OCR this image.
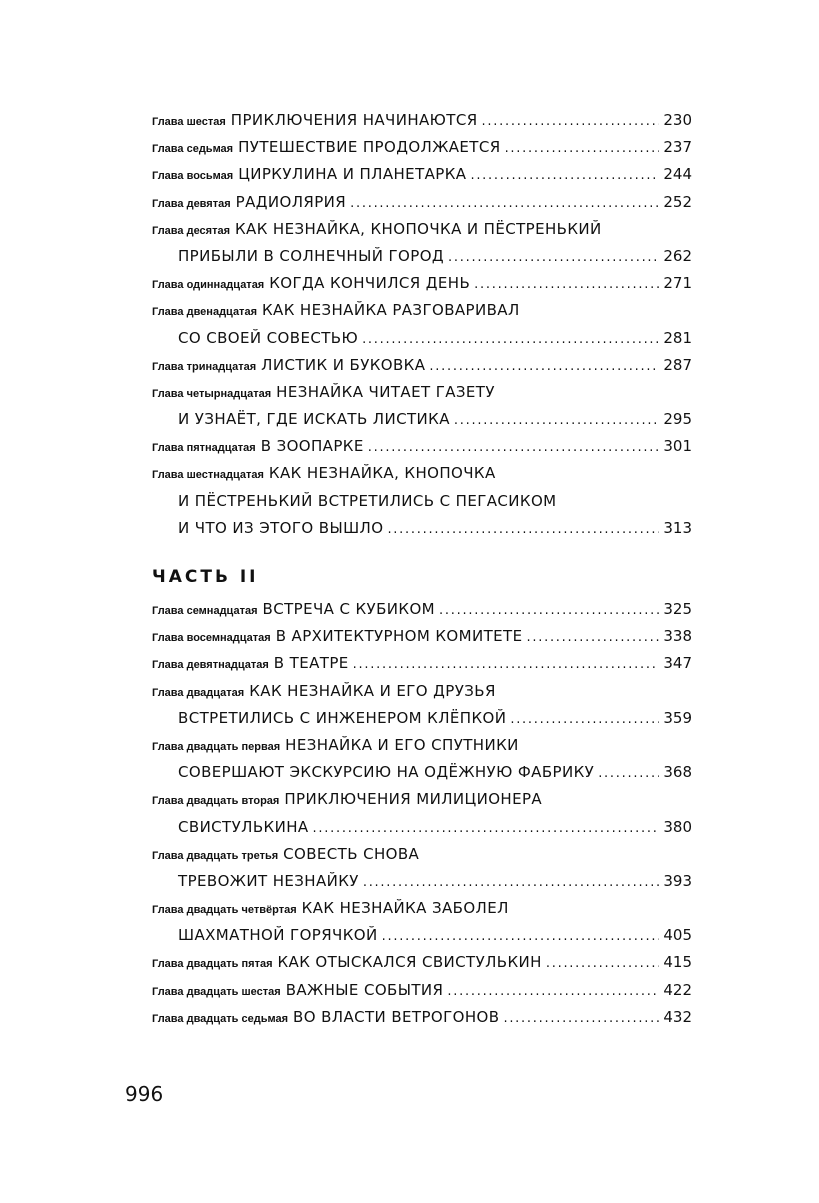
Глава шестая ПРИКЛЮЧЕНИЯ НАЧИНАЮТСЯ . . .	230
Глава седьмая ПУТЕШЕСТВИЕ ПРОДОЛЖАЕТСЯ . . .	237
Глава восьмая ЦИРКУЛИНА И ПЛАНЕТАРКА . . .	244
Глава девятая РАДИОЛЯРИЯ . . .	252
Глава десятая КАК НЕЗНАЙКА, КНОПОЧКА И ПЁСТРЕНЬКИЙ
ПРИБЫЛИ В СОЛНЕЧНЫЙ ГОРОД . . .	262
Глава одиннадцатая КОГДА КОНЧИЛСЯ ДЕНЬ . . .	271
Глава двенадцатая КАК НЕЗНАЙКА РАЗГОВАРИВАЛ
СО СВОЕЙ СОВЕСТЬЮ . . .	281
Глава тринадцатая ЛИСТИК И БУКОВКА . . .	287
Глава четырнадцатая НЕЗНАЙКА ЧИТАЕТ ГАЗЕТУ
И УЗНАЁТ, ГДЕ ИСКАТЬ ЛИСТИКА . . .	295
Глава пятнадцатая В ЗООПАРКЕ . . .	301
Глава шестнадцатая КАК НЕЗНАЙКА, КНОПОЧКА
И ПЁСТРЕНЬКИЙ ВСТРЕТИЛИСЬ С ПЕГАСИКОМ
И ЧТО ИЗ ЭТОГО ВЫШЛО . . .	313
ЧАСТЬ II
Глава семнадцатая ВСТРЕЧА С КУБИКОМ . . .	325
Глава восемнадцатая В АРХИТЕКТУРНОМ КОМИТЕТЕ . . .	338
Глава девятнадцатая В ТЕАТРЕ . . .	347
Глава двадцатая КАК НЕЗНАЙКА И ЕГО ДРУЗЬЯ
ВСТРЕТИЛИСЬ С ИНЖЕНЕРОМ КЛЁПКОЙ . . .	359
Глава двадцать первая НЕЗНАЙКА И ЕГО СПУТНИКИ
СОВЕРШАЮТ ЭКСКУРСИЮ НА ОДЁЖНУЮ ФАБРИКУ . . .	368
Глава двадцать вторая ПРИКЛЮЧЕНИЯ МИЛИЦИОНЕРА
СВИСТУЛЬКИНА . . .	380
Глава двадцать третья СОВЕСТЬ СНОВА
ТРЕВОЖИТ НЕЗНАЙКУ . . .	393
Глава двадцать четвёртая КАК НЕЗНАЙКА ЗАБОЛЕЛ
ШАХМАТНОЙ ГОРЯЧКОЙ . . .	405
Глава двадцать пятая КАК ОТЫСКАЛСЯ СВИСТУЛЬКИН . . .	415
Глава двадцать шестая ВАЖНЫЕ СОБЫТИЯ . . .	422
Глава двадцать седьмая ВО ВЛАСТИ ВЕТРОГОНОВ . . .	432
996
